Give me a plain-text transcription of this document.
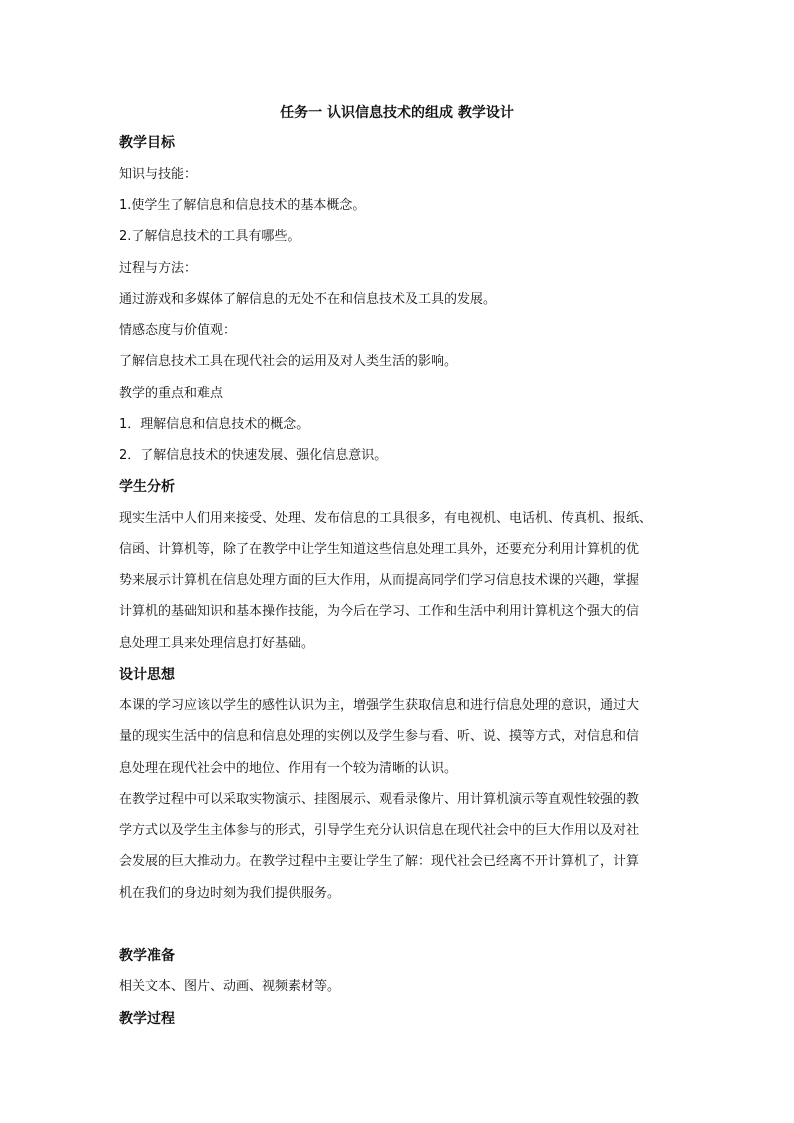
任务一 认识信息技术的组成 教学设计
教学目标
知识与技能：
1.使学生了解信息和信息技术的基本概念。
2.了解信息技术的工具有哪些。
过程与方法：
通过游戏和多媒体了解信息的无处不在和信息技术及工具的发展。
情感态度与价值观：
了解信息技术工具在现代社会的运用及对人类生活的影响。
教学的重点和难点
1．理解信息和信息技术的概念。
2．了解信息技术的快速发展、强化信息意识。
学生分析
现实生活中人们用来接受、处理、发布信息的工具很多，有电视机、电话机、传真机、报纸、
信函、计算机等，除了在教学中让学生知道这些信息处理工具外，还要充分利用计算机的优
势来展示计算机在信息处理方面的巨大作用，从而提高同学们学习信息技术课的兴趣，掌握
计算机的基础知识和基本操作技能，为今后在学习、工作和生活中利用计算机这个强大的信
息处理工具来处理信息打好基础。
设计思想
本课的学习应该以学生的感性认识为主，增强学生获取信息和进行信息处理的意识，通过大
量的现实生活中的信息和信息处理的实例以及学生参与看、听、说、摸等方式，对信息和信
息处理在现代社会中的地位、作用有一个较为清晰的认识。
在教学过程中可以采取实物演示、挂图展示、观看录像片、用计算机演示等直观性较强的教
学方式以及学生主体参与的形式，引导学生充分认识信息在现代社会中的巨大作用以及对社
会发展的巨大推动力。在教学过程中主要让学生了解：现代社会已经离不开计算机了，计算
机在我们的身边时刻为我们提供服务。
教学准备
相关文本、图片、动画、视频素材等。
教学过程
